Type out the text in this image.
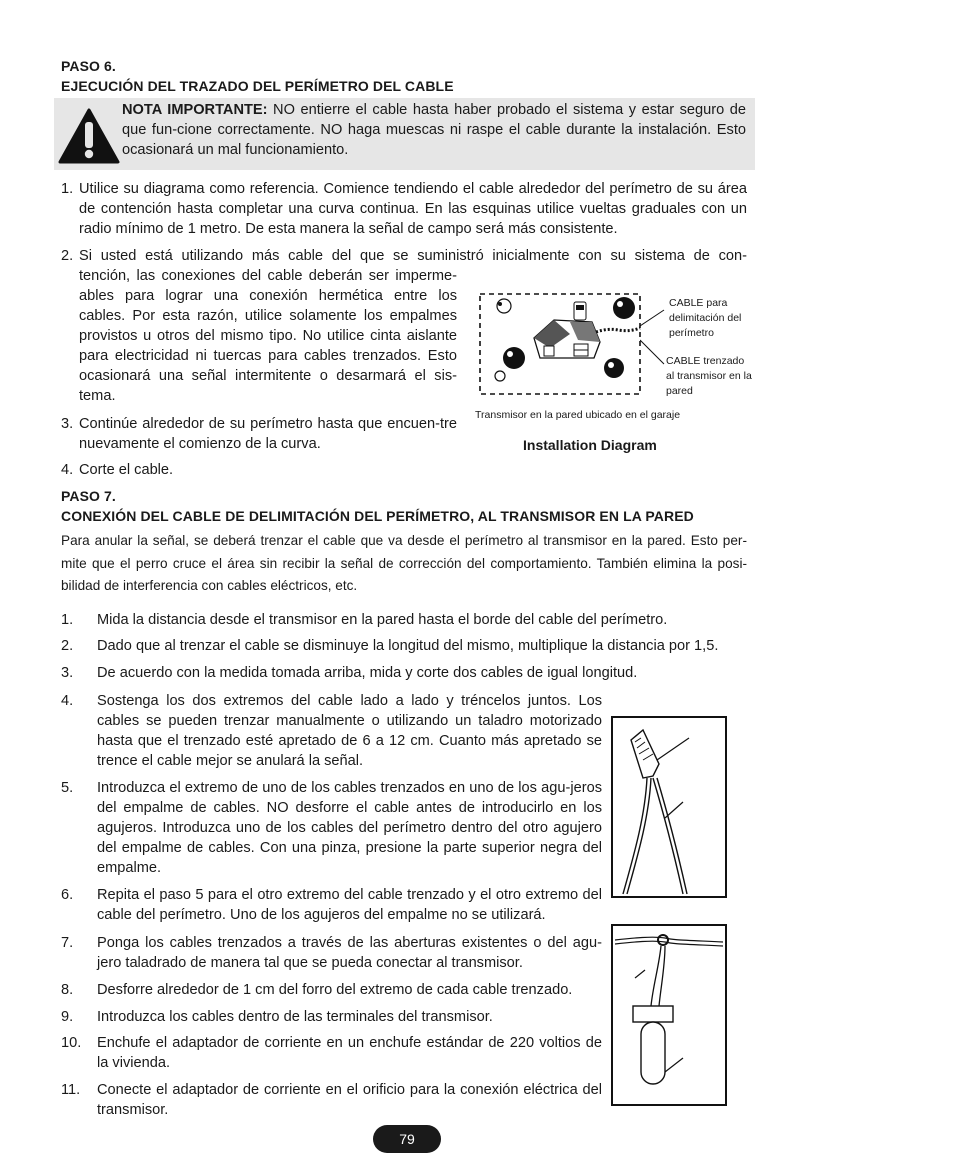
PASO 6.
EJECUCIÓN DEL TRAZADO DEL PERÍMETRO DEL CABLE
NOTA IMPORTANTE: NO entierre el cable hasta haber probado el sistema y estar seguro de que fun-cione correctamente. NO haga muescas ni raspe el cable durante la instalación. Esto ocasionará un mal funcionamiento.
1. Utilice su diagrama como referencia. Comience tendiendo el cable alrededor del perímetro de su área de contención hasta completar una curva continua. En las esquinas utilice vueltas graduales con un radio mínimo de 1 metro. De esta manera la señal de campo será más consistente.
2. Si usted está utilizando más cable del que se suministró inicialmente con su sistema de con-
tención, las conexiones del cable deberán ser imperme-ables para lograr una conexión hermética entre los cables. Por esta razón, utilice solamente los empalmes provistos u otros del mismo tipo. No utilice cinta aislante para electricidad ni tuercas para cables trenzados. Esto ocasionará una señal intermitente o desarmará el sis-tema.
3. Continúe alrededor de su perímetro hasta que encuen-tre nuevamente el comienzo de la curva.
4. Corte el cable.
CABLE para delimitación del perímetro
CABLE trenzado al transmisor en la pared
Transmisor en la pared ubicado en el garaje
Installation Diagram
PASO 7.
CONEXIÓN DEL CABLE DE DELIMITACIÓN DEL PERÍMETRO, AL TRANSMISOR EN LA PARED
Para anular la señal, se deberá trenzar el cable que va desde el perímetro al transmisor en la pared. Esto per-mite que el perro cruce el área sin recibir la señal de corrección del comportamiento. También elimina la posi-bilidad de interferencia con cables eléctricos, etc.
1. Mida la distancia desde el transmisor en la pared hasta el borde del cable del perímetro.
2. Dado que al trenzar el cable se disminuye la longitud del mismo, multiplique la distancia por 1,5.
3. De acuerdo con la medida tomada arriba, mida y corte dos cables de igual longitud.
4. Sostenga los dos extremos del cable lado a lado y tréncelos juntos. Los cables se pueden trenzar manualmente o utilizando un taladro motorizado hasta que el trenzado esté apretado de 6 a 12 cm. Cuanto más apretado se trence el cable mejor se anulará la señal.
5. Introduzca el extremo de uno de los cables trenzados en uno de los agu-jeros del empalme de cables. NO desforre el cable antes de introducirlo en los agujeros. Introduzca uno de los cables del perímetro dentro del otro agujero del empalme de cables. Con una pinza, presione la parte superior negra del empalme.
6. Repita el paso 5 para el otro extremo del cable trenzado y el otro extremo del cable del perímetro. Uno de los agujeros del empalme no se utilizará.
7. Ponga los cables trenzados a través de las aberturas existentes o del agu-jero taladrado de manera tal que se pueda conectar al transmisor.
8. Desforre alrededor de 1 cm del forro del extremo de cada cable trenzado.
9. Introduzca los cables dentro de las terminales del transmisor.
10. Enchufe el adaptador de corriente en un enchufe estándar de 220 voltios de la vivienda.
11. Conecte el adaptador de corriente en el orificio para la conexión eléctrica del transmisor.
79
